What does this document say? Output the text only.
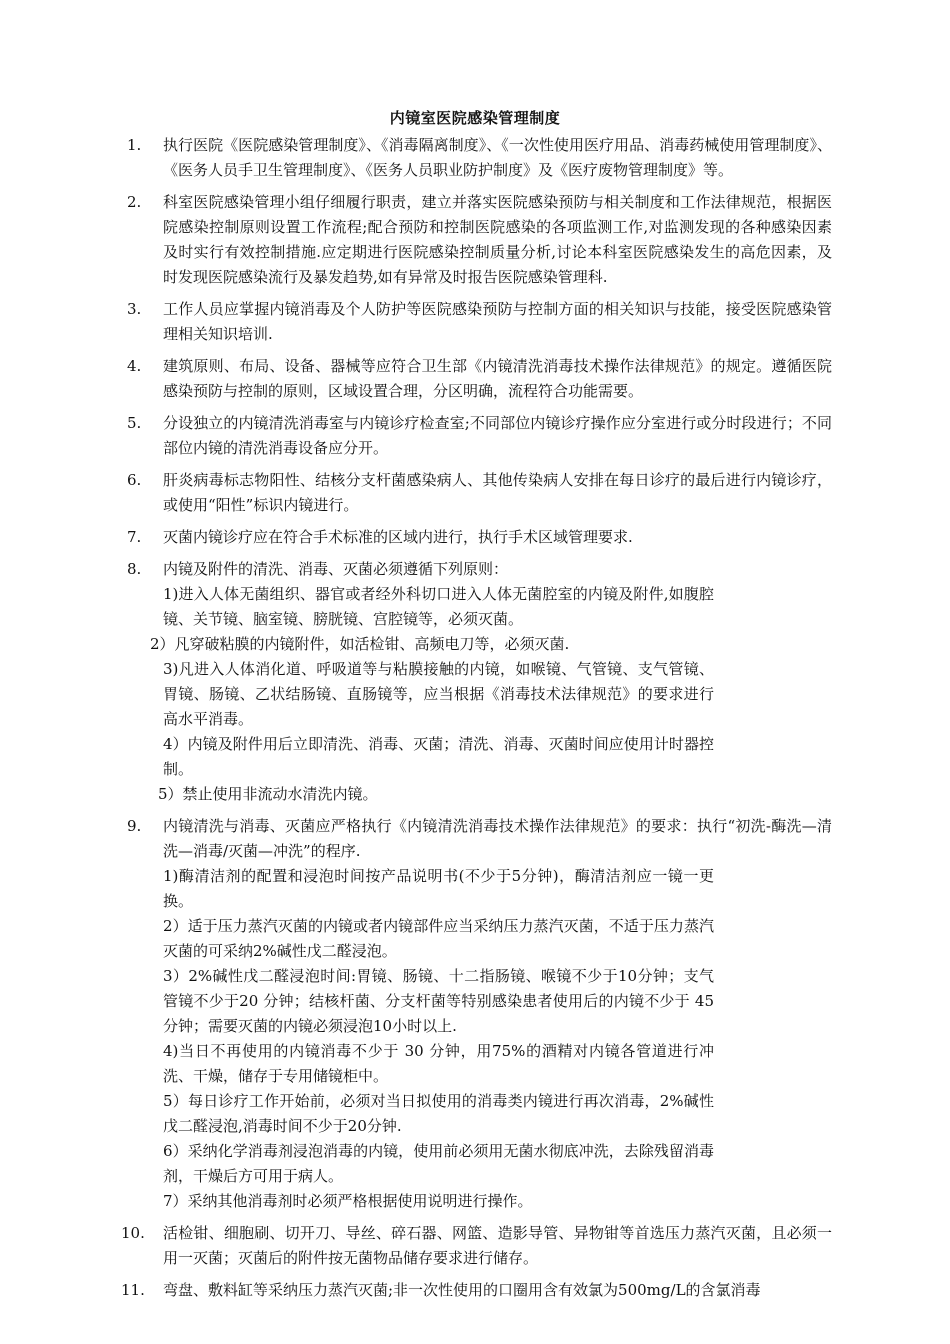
内镜室医院感染管理制度
1.	执行医院《医院感染管理制度》、《消毒隔离制度》、《一次性使用医疗用品、消毒药械使用管理制度》、《医务人员手卫生管理制度》、《医务人员职业防护制度》及《医疗废物管理制度》等。
2.	科室医院感染管理小组仔细履行职责，建立并落实医院感染预防与相关制度和工作法律规范，根据医院感染控制原则设置工作流程;配合预防和控制医院感染的各项监测工作,对监测发现的各种感染因素及时实行有效控制措施.应定期进行医院感染控制质量分析,讨论本科室医院感染发生的高危因素，及时发现医院感染流行及暴发趋势,如有异常及时报告医院感染管理科.
3.	工作人员应掌握内镜消毒及个人防护等医院感染预防与控制方面的相关知识与技能，接受医院感染管理相关知识培训.
4.	建筑原则、布局、设备、器械等应符合卫生部《内镜清洗消毒技术操作法律规范》的规定。遵循医院感染预防与控制的原则，区域设置合理，分区明确，流程符合功能需要。
5.	分设独立的内镜清洗消毒室与内镜诊疗检查室;不同部位内镜诊疗操作应分室进行或分时段进行；不同部位内镜的清洗消毒设备应分开。
6.	肝炎病毒标志物阳性、结核分支杆菌感染病人、其他传染病人安排在每日诊疗的最后进行内镜诊疗，或使用“阳性”标识内镜进行。
7.	灭菌内镜诊疗应在符合手术标准的区域内进行，执行手术区域管理要求.
8.	内镜及附件的清洗、消毒、灭菌必须遵循下列原则：
1)进入人体无菌组织、器官或者经外科切口进入人体无菌腔室的内镜及附件,如腹腔镜、关节镜、脑室镜、膀胱镜、宫腔镜等，必须灭菌。
2）凡穿破粘膜的内镜附件，如活检钳、高频电刀等，必须灭菌.
3)凡进入人体消化道、呼吸道等与粘膜接触的内镜，如喉镜、气管镜、支气管镜、胃镜、肠镜、乙状结肠镜、直肠镜等，应当根据《消毒技术法律规范》的要求进行高水平消毒。
4）内镜及附件用后立即清洗、消毒、灭菌；清洗、消毒、灭菌时间应使用计时器控制。
5）禁止使用非流动水清洗内镜。
9.	内镜清洗与消毒、灭菌应严格执行《内镜清洗消毒技术操作法律规范》的要求：执行“初洗-酶洗—清洗—消毒/灭菌—冲洗”的程序.
1)酶清洁剂的配置和浸泡时间按产品说明书(不少于5分钟)，酶清洁剂应一镜一更换。
2）适于压力蒸汽灭菌的内镜或者内镜部件应当采纳压力蒸汽灭菌，不适于压力蒸汽灭菌的可采纳2%碱性戊二醛浸泡。
3）2%碱性戊二醛浸泡时间:胃镜、肠镜、十二指肠镜、喉镜不少于10分钟；支气管镜不少于20 分钟；结核杆菌、分支杆菌等特别感染患者使用后的内镜不少于 45 分钟；需要灭菌的内镜必须浸泡10小时以上.
4)当日不再使用的内镜消毒不少于 30 分钟，用75%的酒精对内镜各管道进行冲洗、干燥，储存于专用储镜柜中。
5）每日诊疗工作开始前，必须对当日拟使用的消毒类内镜进行再次消毒，2%碱性戊二醛浸泡,消毒时间不少于20分钟.
6）采纳化学消毒剂浸泡消毒的内镜，使用前必须用无菌水彻底冲洗，去除残留消毒剂，干燥后方可用于病人。
7）采纳其他消毒剂时必须严格根据使用说明进行操作。
10.	活检钳、细胞刷、切开刀、导丝、碎石器、网篮、造影导管、异物钳等首选压力蒸汽灭菌，且必须一用一灭菌；灭菌后的附件按无菌物品储存要求进行储存。
11.	弯盘、敷料缸等采纳压力蒸汽灭菌;非一次性使用的口圈用含有效氯为500mg/L的含氯消毒
